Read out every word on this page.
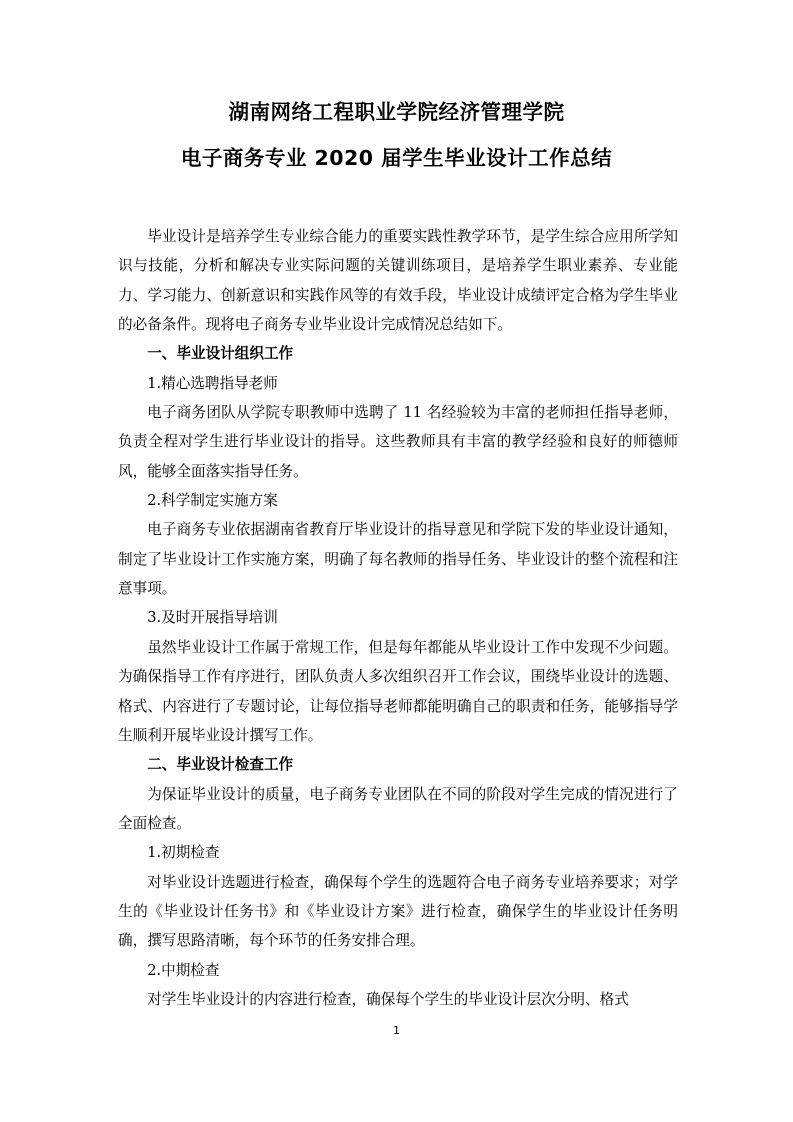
湖南网络工程职业学院经济管理学院
电子商务专业 2020 届学生毕业设计工作总结

毕业设计是培养学生专业综合能力的重要实践性教学环节，是学生综合应用所学知识与技能，分析和解决专业实际问题的关键训练项目，是培养学生职业素养、专业能力、学习能力、创新意识和实践作风等的有效手段，毕业设计成绩评定合格为学生毕业的必备条件。现将电子商务专业毕业设计完成情况总结如下。

一、毕业设计组织工作

1.精心选聘指导老师

电子商务团队从学院专职教师中选聘了 11 名经验较为丰富的老师担任指导老师，负责全程对学生进行毕业设计的指导。这些教师具有丰富的教学经验和良好的师德师风，能够全面落实指导任务。

2.科学制定实施方案

电子商务专业依据湖南省教育厅毕业设计的指导意见和学院下发的毕业设计通知，制定了毕业设计工作实施方案，明确了每名教师的指导任务、毕业设计的整个流程和注意事项。

3.及时开展指导培训

虽然毕业设计工作属于常规工作，但是每年都能从毕业设计工作中发现不少问题。为确保指导工作有序进行，团队负责人多次组织召开工作会议，围绕毕业设计的选题、格式、内容进行了专题讨论，让每位指导老师都能明确自己的职责和任务，能够指导学生顺利开展毕业设计撰写工作。

二、毕业设计检查工作

为保证毕业设计的质量，电子商务专业团队在不同的阶段对学生完成的情况进行了全面检查。

1.初期检查

对毕业设计选题进行检查，确保每个学生的选题符合电子商务专业培养要求；对学生的《毕业设计任务书》和《毕业设计方案》进行检查，确保学生的毕业设计任务明确，撰写思路清晰，每个环节的任务安排合理。

2.中期检查

对学生毕业设计的内容进行检查，确保每个学生的毕业设计层次分明、格式

1
